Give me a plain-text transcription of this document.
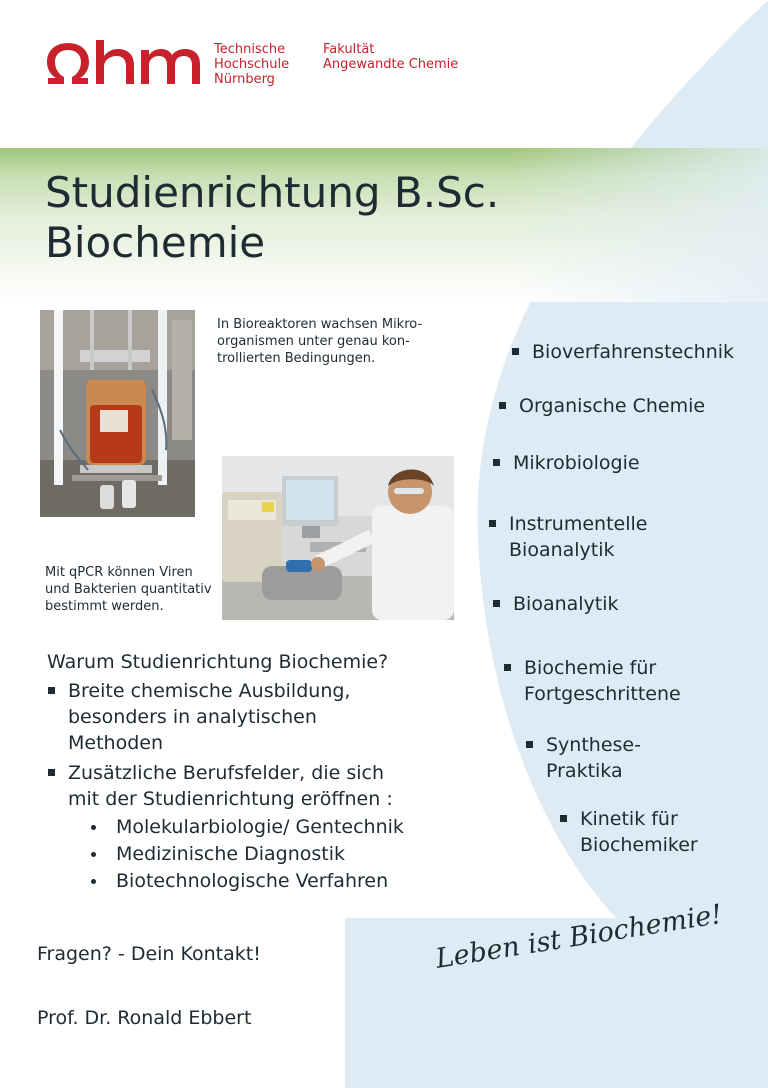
Technische
Hochschule
Nürnberg
Fakultät
Angewandte Chemie
Studienrichtung B.Sc.
Biochemie
In Bioreaktoren wachsen Mikro-
organismen unter genau kon-
trollierten Bedingungen.
Mit qPCR können Viren
und Bakterien quantitativ
bestimmt werden.
Warum Studienrichtung Biochemie?
Breite chemische Ausbildung,
besonders in analytischen
Methoden
Zusätzliche Berufsfelder, die sich
mit der Studienrichtung eröffnen :
Molekularbiologie/ Gentechnik
Medizinische Diagnostik
Biotechnologische Verfahren
Bioverfahrenstechnik
Organische Chemie
Mikrobiologie
Instrumentelle
Bioanalytik
Bioanalytik
Biochemie für
Fortgeschrittene
Synthese-
Praktika
Kinetik für
Biochemiker
Fragen? - Dein Kontakt!
Prof. Dr. Ronald Ebbert
Leben ist Biochemie!
